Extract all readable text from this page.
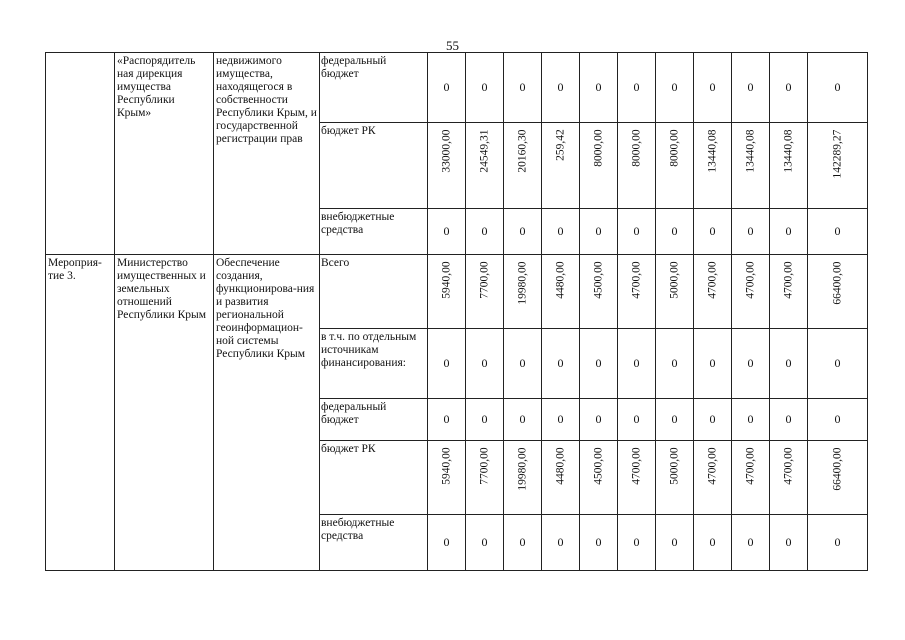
55
	«Распорядитель ная дирекция имущества Республики Крым»	недвижимого имущества, находящегося в собственности Республики Крым, и государственной регистрации прав	федеральный бюджет	0	0	0	0	0	0	0	0	0	0	0

			бюджет РК	33000,00	24549,31	20160,30	259,42	8000,00	8000,00	8000,00	13440,08	13440,08	13440,08	142289,27

			внебюджетные средства	0	0	0	0	0	0	0	0	0	0	0

Мероприя-тие 3.	Министерство имущественных и земельных отношений Республики Крым	Обеспечение создания, функционирова-ния и развития региональной геоинформацион-ной системы Республики Крым	Всего	5940,00	7700,00	19980,00	4480,00	4500,00	4700,00	5000,00	4700,00	4700,00	4700,00	66400,00

			в т.ч. по отдельным источникам финансирования:	0	0	0	0	0	0	0	0	0	0	0

			федеральный бюджет	0	0	0	0	0	0	0	0	0	0	0

			бюджет РК	5940,00	7700,00	19980,00	4480,00	4500,00	4700,00	5000,00	4700,00	4700,00	4700,00	66400,00

			внебюджетные средства	0	0	0	0	0	0	0	0	0	0	0
